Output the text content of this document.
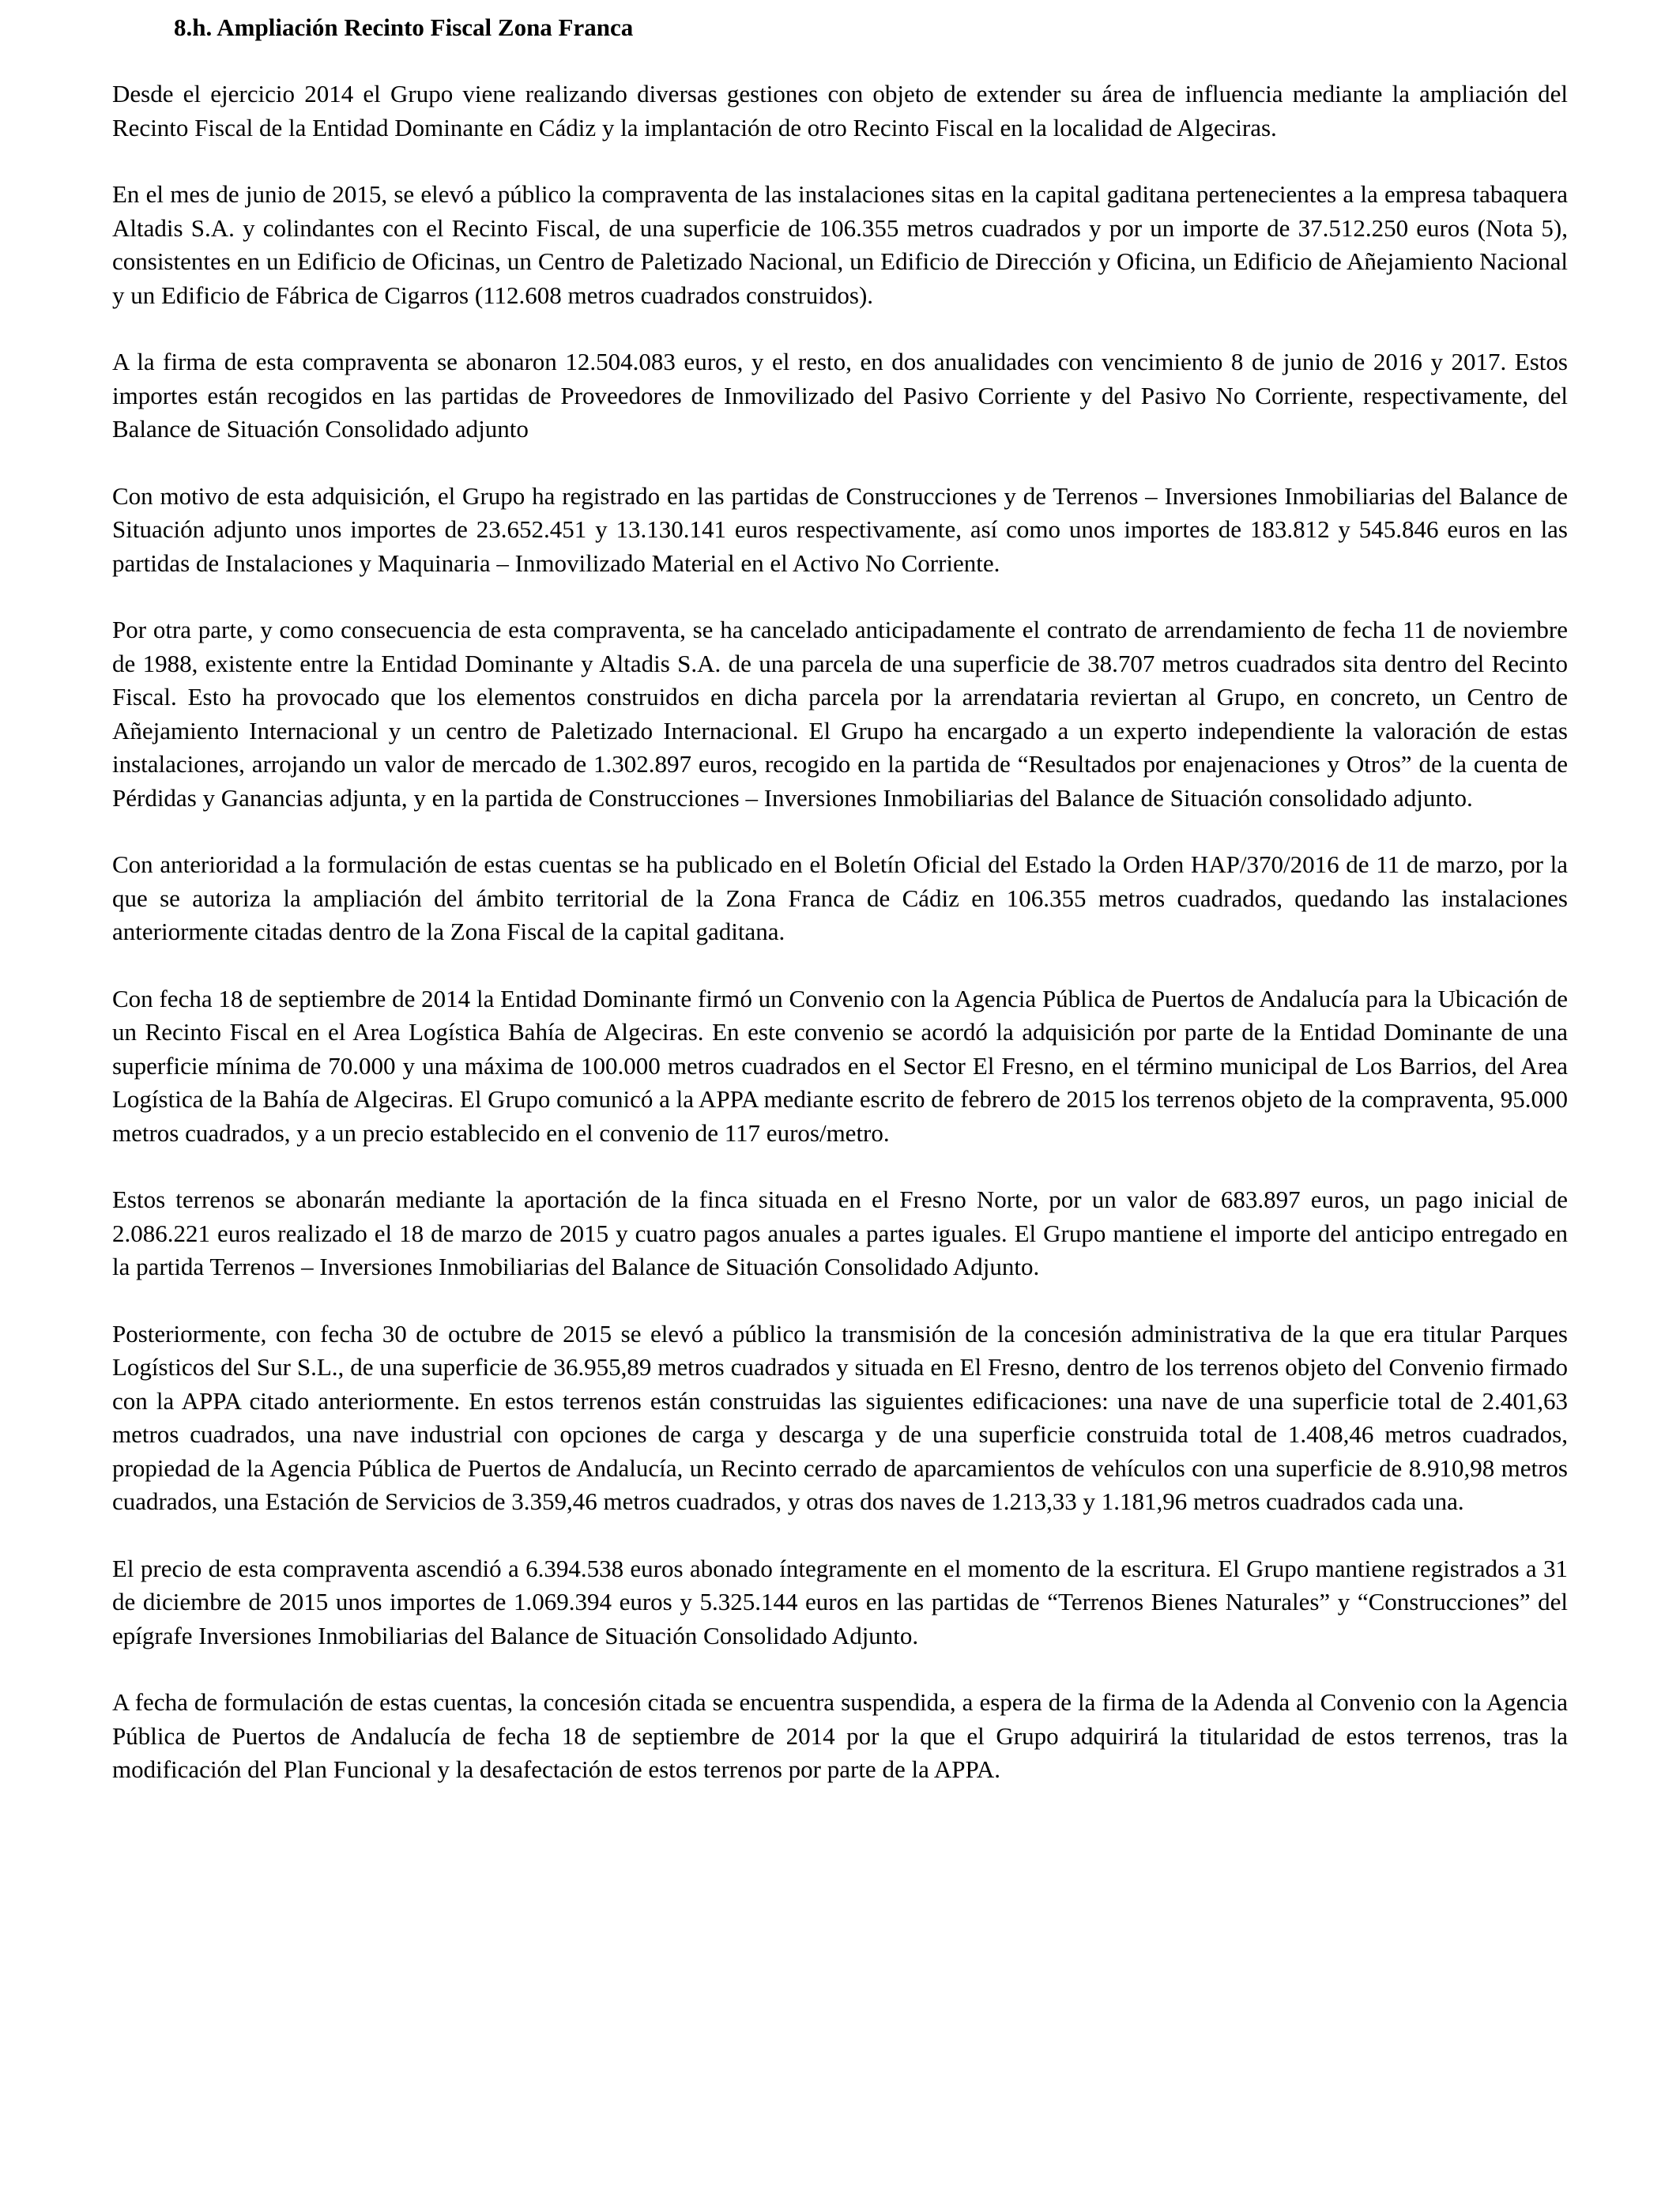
8.h. Ampliación Recinto Fiscal Zona Franca

Desde el ejercicio 2014 el Grupo viene realizando diversas gestiones con objeto de extender su área de influencia mediante la ampliación del Recinto Fiscal de la Entidad Dominante en Cádiz y la implantación de otro Recinto Fiscal en la localidad de Algeciras.

En el mes de junio de 2015, se elevó a público la compraventa de las instalaciones sitas en la capital gaditana pertenecientes a la empresa tabaquera Altadis S.A. y colindantes con el Recinto Fiscal, de una superficie de 106.355 metros cuadrados y por un importe de 37.512.250 euros (Nota 5), consistentes en un Edificio de Oficinas, un Centro de Paletizado Nacional, un Edificio de Dirección y Oficina, un Edificio de Añejamiento Nacional y un Edificio de Fábrica de Cigarros (112.608 metros cuadrados construidos).

A la firma de esta compraventa se abonaron 12.504.083 euros, y el resto, en dos anualidades con vencimiento 8 de junio de 2016 y 2017. Estos importes están recogidos en las partidas de Proveedores de Inmovilizado del Pasivo Corriente y del Pasivo No Corriente, respectivamente, del Balance de Situación Consolidado adjunto

Con motivo de esta adquisición, el Grupo ha registrado en las partidas de Construcciones y de Terrenos – Inversiones Inmobiliarias del Balance de Situación adjunto unos importes de 23.652.451 y 13.130.141 euros respectivamente, así como unos importes de 183.812 y 545.846 euros en las partidas de Instalaciones y Maquinaria – Inmovilizado Material en el Activo No Corriente.

Por otra parte, y como consecuencia de esta compraventa, se ha cancelado anticipadamente el contrato de arrendamiento de fecha 11 de noviembre de 1988, existente entre la Entidad Dominante y Altadis S.A. de una parcela de una superficie de 38.707 metros cuadrados sita dentro del Recinto Fiscal. Esto ha provocado que los elementos construidos en dicha parcela por la arrendataria reviertan al Grupo, en concreto, un Centro de Añejamiento Internacional y un centro de Paletizado Internacional. El Grupo ha encargado a un experto independiente la valoración de estas instalaciones, arrojando un valor de mercado de 1.302.897 euros, recogido en la partida de “Resultados por enajenaciones y Otros” de la cuenta de Pérdidas y Ganancias adjunta, y en la partida de Construcciones – Inversiones Inmobiliarias del Balance de Situación consolidado adjunto.

Con anterioridad a la formulación de estas cuentas se ha publicado en el Boletín Oficial del Estado la Orden HAP/370/2016 de 11 de marzo, por la que se autoriza la ampliación del ámbito territorial de la Zona Franca de Cádiz en 106.355 metros cuadrados, quedando las instalaciones anteriormente citadas dentro de la Zona Fiscal de la capital gaditana.

Con fecha 18 de septiembre de 2014 la Entidad Dominante firmó un Convenio con la Agencia Pública de Puertos de Andalucía para la Ubicación de un Recinto Fiscal en el Area Logística Bahía de Algeciras. En este convenio se acordó la adquisición por parte de la Entidad Dominante de una superficie mínima de 70.000 y una máxima de 100.000 metros cuadrados en el Sector El Fresno, en el término municipal de Los Barrios, del Area Logística de la Bahía de Algeciras. El Grupo comunicó a la APPA mediante escrito de febrero de 2015 los terrenos objeto de la compraventa, 95.000 metros cuadrados, y a un precio establecido en el convenio de 117 euros/metro.

Estos terrenos se abonarán mediante la aportación de la finca situada en el Fresno Norte, por un valor de 683.897 euros, un pago inicial de 2.086.221 euros realizado el 18 de marzo de 2015 y cuatro pagos anuales a partes iguales. El Grupo mantiene el importe del anticipo entregado en la partida Terrenos – Inversiones Inmobiliarias del Balance de Situación Consolidado Adjunto.

Posteriormente, con fecha 30 de octubre de 2015 se elevó a público la transmisión de la concesión administrativa de la que era titular Parques Logísticos del Sur S.L., de una superficie de 36.955,89 metros cuadrados y situada en El Fresno, dentro de los terrenos objeto del Convenio firmado con la APPA citado anteriormente. En estos terrenos están construidas las siguientes edificaciones: una nave de una superficie total de 2.401,63 metros cuadrados, una nave industrial con opciones de carga y descarga y de una superficie construida total de 1.408,46 metros cuadrados, propiedad de la Agencia Pública de Puertos de Andalucía, un Recinto cerrado de aparcamientos de vehículos con una superficie de 8.910,98 metros cuadrados, una Estación de Servicios de 3.359,46 metros cuadrados, y otras dos naves de 1.213,33 y 1.181,96 metros cuadrados cada una.

El precio de esta compraventa ascendió a 6.394.538 euros abonado íntegramente en el momento de la escritura. El Grupo mantiene registrados a 31 de diciembre de 2015 unos importes de 1.069.394 euros y 5.325.144 euros en las partidas de “Terrenos Bienes Naturales” y “Construcciones” del epígrafe Inversiones Inmobiliarias del Balance de Situación Consolidado Adjunto.

A fecha de formulación de estas cuentas, la concesión citada se encuentra suspendida, a espera de la firma de la Adenda al Convenio con la Agencia Pública de Puertos de Andalucía de fecha 18 de septiembre de 2014 por la que el Grupo adquirirá la titularidad de estos terrenos, tras la modificación del Plan Funcional y la desafectación de estos terrenos por parte de la APPA.
